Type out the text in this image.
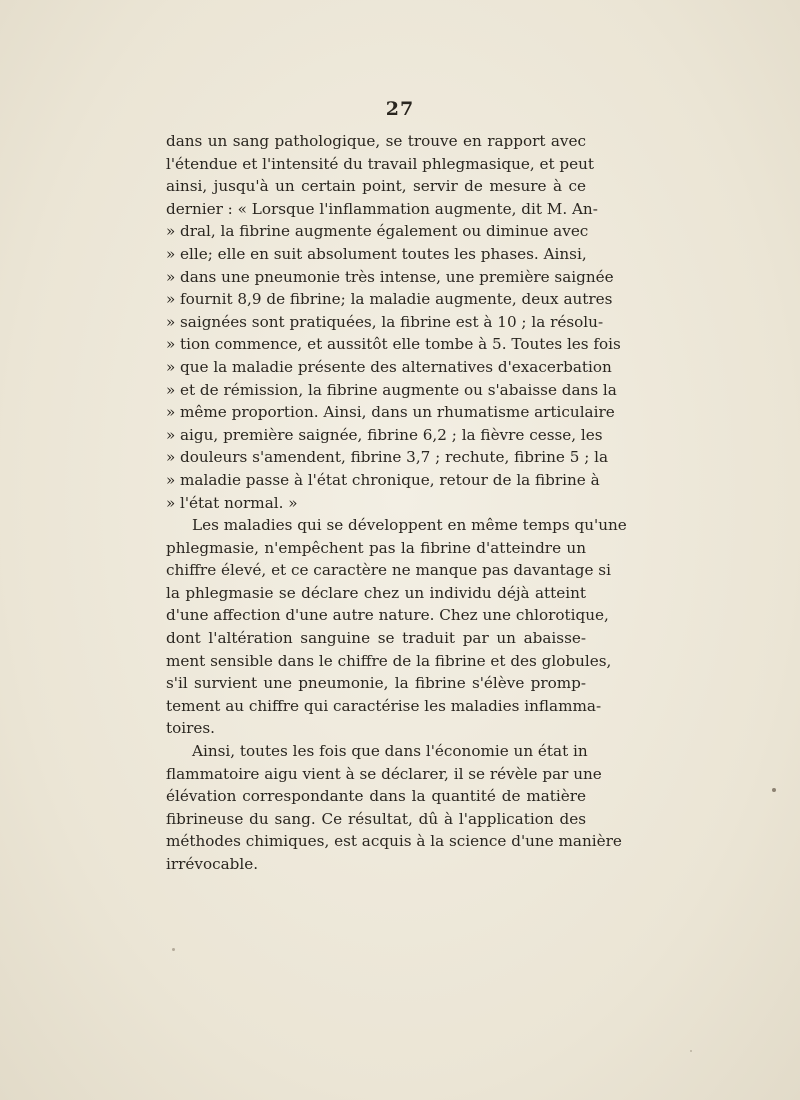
27
dans un sang pathologique, se trouve en rapport avec
l'étendue et l'intensité du travail phlegmasique, et peut
ainsi, jusqu'à un certain point, servir de mesure à ce
dernier : « Lorsque l'inflammation augmente, dit M. An-
» dral, la fibrine augmente également ou diminue avec
» elle; elle en suit absolument toutes les phases. Ainsi,
» dans une pneumonie très intense, une première saignée
» fournit 8,9 de fibrine; la maladie augmente, deux autres
» saignées sont pratiquées, la fibrine est à 10 ; la résolu-
» tion commence, et aussitôt elle tombe à 5. Toutes les fois
» que la maladie présente des alternatives d'exacerbation
» et de rémission, la fibrine augmente ou s'abaisse dans la
» même proportion. Ainsi, dans un rhumatisme articulaire
» aigu, première saignée, fibrine 6,2 ; la fièvre cesse, les
» douleurs s'amendent, fibrine 3,7 ; rechute, fibrine 5 ; la
» maladie passe à l'état chronique, retour de la fibrine à
» l'état normal. »
Les maladies qui se développent en même temps qu'une
phlegmasie, n'empêchent pas la fibrine d'atteindre un
chiffre élevé, et ce caractère ne manque pas davantage si
la phlegmasie se déclare chez un individu déjà atteint
d'une affection d'une autre nature. Chez une chlorotique,
dont l'altération sanguine se traduit par un abaisse-
ment sensible dans le chiffre de la fibrine et des globules,
s'il survient une pneumonie, la fibrine s'élève promp-
tement au chiffre qui caractérise les maladies inflamma-
toires.
Ainsi, toutes les fois que dans l'économie un état in
flammatoire aigu vient à se déclarer, il se révèle par une
élévation correspondante dans la quantité de matière
fibrineuse du sang. Ce résultat, dû à l'application des
méthodes chimiques, est acquis à la science d'une manière
irrévocable.
